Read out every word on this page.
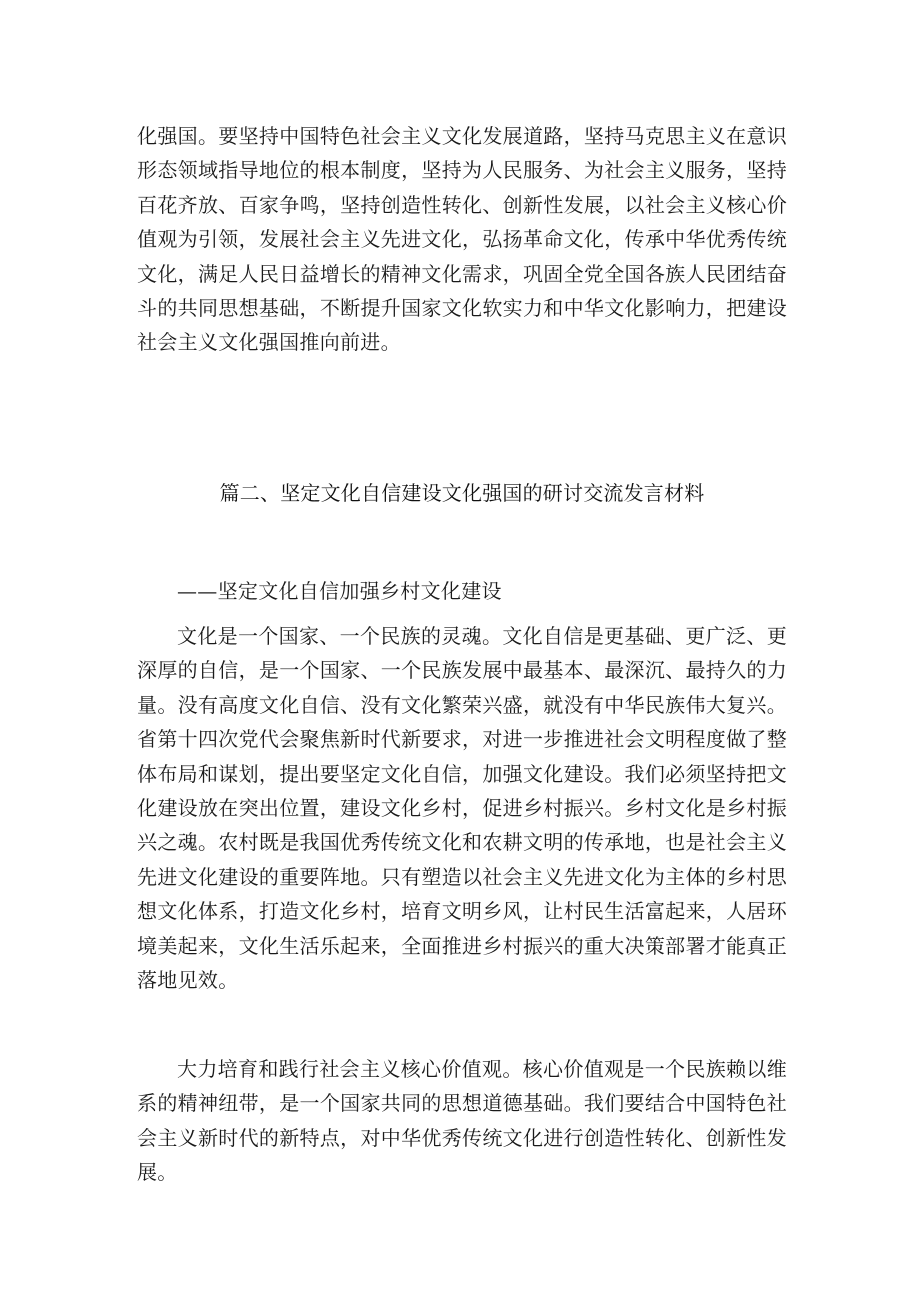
化强国。要坚持中国特色社会主义文化发展道路，坚持马克思主义在意识形态领域指导地位的根本制度，坚持为人民服务、为社会主义服务，坚持百花齐放、百家争鸣，坚持创造性转化、创新性发展，以社会主义核心价值观为引领，发展社会主义先进文化，弘扬革命文化，传承中华优秀传统文化，满足人民日益增长的精神文化需求，巩固全党全国各族人民团结奋斗的共同思想基础，不断提升国家文化软实力和中华文化影响力，把建设社会主义文化强国推向前进。

篇二、坚定文化自信建设文化强国的研讨交流发言材料

——坚定文化自信加强乡村文化建设

文化是一个国家、一个民族的灵魂。文化自信是更基础、更广泛、更深厚的自信，是一个国家、一个民族发展中最基本、最深沉、最持久的力量。没有高度文化自信、没有文化繁荣兴盛，就没有中华民族伟大复兴。省第十四次党代会聚焦新时代新要求，对进一步推进社会文明程度做了整体布局和谋划，提出要坚定文化自信，加强文化建设。我们必须坚持把文化建设放在突出位置，建设文化乡村，促进乡村振兴。乡村文化是乡村振兴之魂。农村既是我国优秀传统文化和农耕文明的传承地，也是社会主义先进文化建设的重要阵地。只有塑造以社会主义先进文化为主体的乡村思想文化体系，打造文化乡村，培育文明乡风，让村民生活富起来，人居环境美起来，文化生活乐起来，全面推进乡村振兴的重大决策部署才能真正落地见效。

大力培育和践行社会主义核心价值观。核心价值观是一个民族赖以维系的精神纽带，是一个国家共同的思想道德基础。我们要结合中国特色社会主义新时代的新特点，对中华优秀传统文化进行创造性转化、创新性发展。
